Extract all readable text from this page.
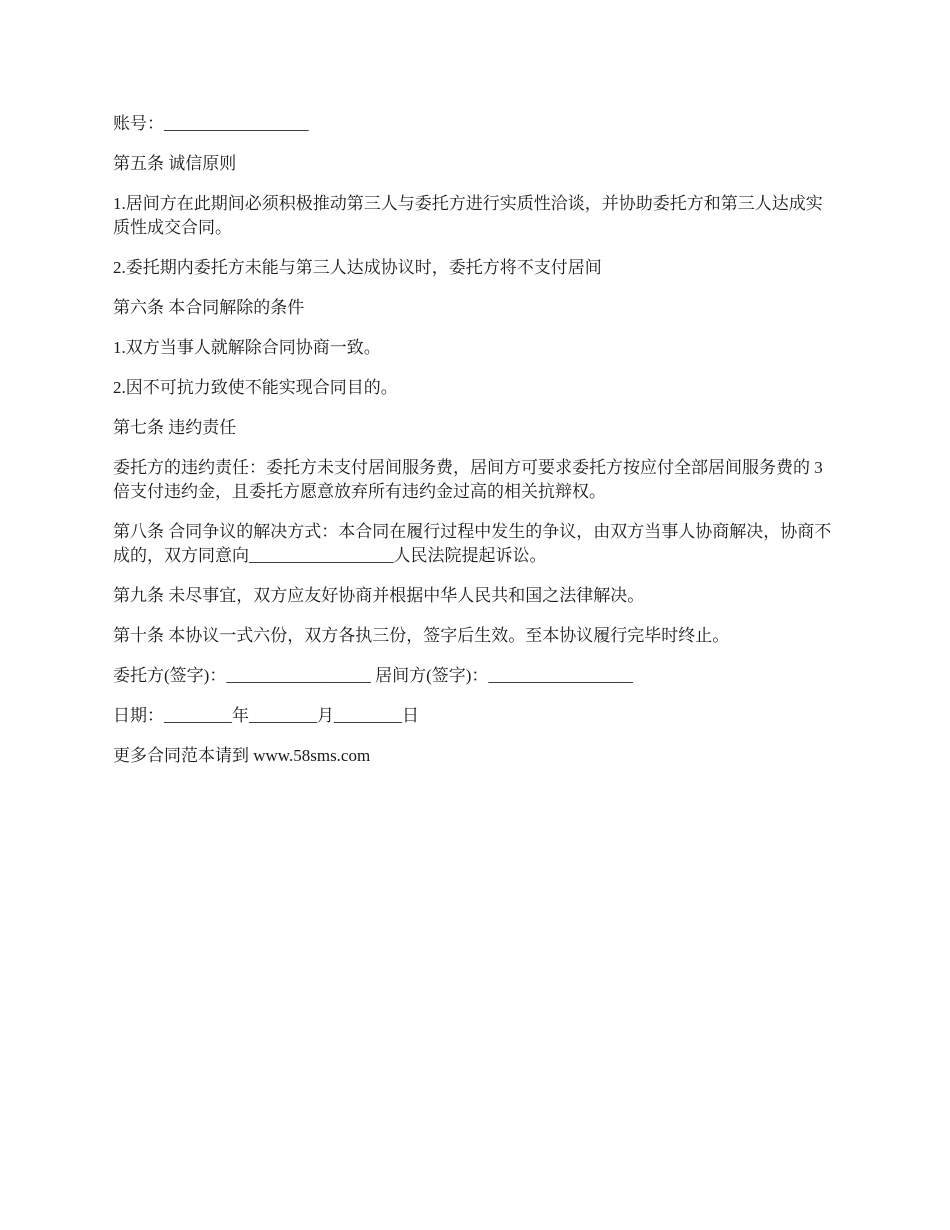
账号：_________________

第五条 诚信原则

1.居间方在此期间必须积极推动第三人与委托方进行实质性洽谈，并协助委托方和第三人达成实质性成交合同。

2.委托期内委托方未能与第三人达成协议时，委托方将不支付居间

第六条 本合同解除的条件

1.双方当事人就解除合同协商一致。

2.因不可抗力致使不能实现合同目的。

第七条 违约责任

委托方的违约责任：委托方未支付居间服务费，居间方可要求委托方按应付全部居间服务费的 3 倍支付违约金，且委托方愿意放弃所有违约金过高的相关抗辩权。

第八条 合同争议的解决方式：本合同在履行过程中发生的争议，由双方当事人协商解决，协商不成的，双方同意向_________________人民法院提起诉讼。

第九条 未尽事宜，双方应友好协商并根据中华人民共和国之法律解决。

第十条 本协议一式六份，双方各执三份，签字后生效。至本协议履行完毕时终止。

委托方(签字)：_________________ 居间方(签字)：_________________

日期：________年________月________日

更多合同范本请到 www.58sms.com
